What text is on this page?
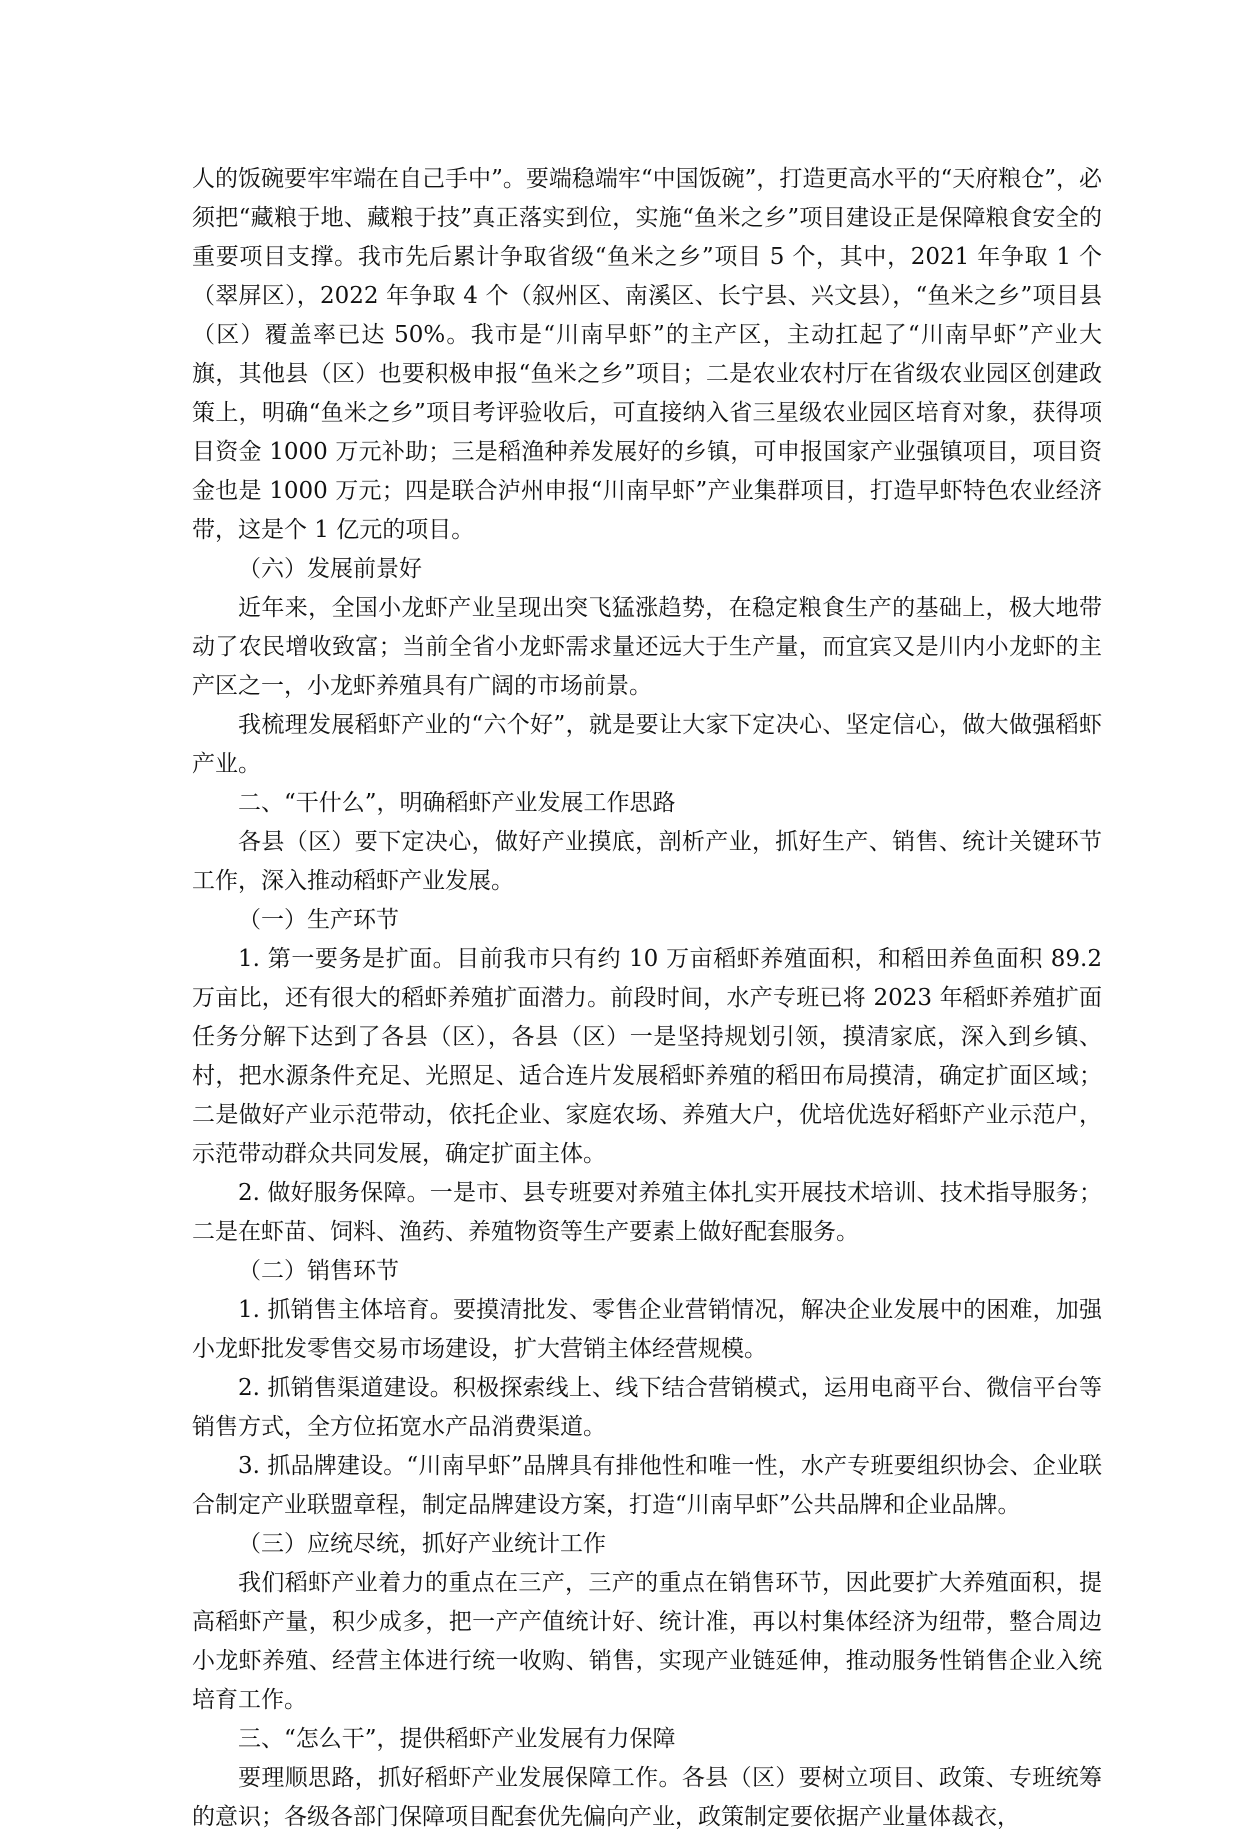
人的饭碗要牢牢端在自己手中”。要端稳端牢“中国饭碗”，打造更高水平的“天府粮仓”，必须把“藏粮于地、藏粮于技”真正落实到位，实施“鱼米之乡”项目建设正是保障粮食安全的重要项目支撑。我市先后累计争取省级“鱼米之乡”项目 5 个，其中，2021 年争取 1 个（翠屏区），2022 年争取 4 个（叙州区、南溪区、长宁县、兴文县），“鱼米之乡”项目县（区）覆盖率已达 50%。我市是“川南早虾”的主产区，主动扛起了“川南早虾”产业大旗，其他县（区）也要积极申报“鱼米之乡”项目；二是农业农村厅在省级农业园区创建政策上，明确“鱼米之乡”项目考评验收后，可直接纳入省三星级农业园区培育对象，获得项目资金 1000 万元补助；三是稻渔种养发展好的乡镇，可申报国家产业强镇项目，项目资金也是 1000 万元；四是联合泸州申报“川南早虾”产业集群项目，打造早虾特色农业经济带，这是个 1 亿元的项目。

（六）发展前景好

近年来，全国小龙虾产业呈现出突飞猛涨趋势，在稳定粮食生产的基础上，极大地带动了农民增收致富；当前全省小龙虾需求量还远大于生产量，而宜宾又是川内小龙虾的主产区之一，小龙虾养殖具有广阔的市场前景。

我梳理发展稻虾产业的“六个好”，就是要让大家下定决心、坚定信心，做大做强稻虾产业。

二、“干什么”，明确稻虾产业发展工作思路

各县（区）要下定决心，做好产业摸底，剖析产业，抓好生产、销售、统计关键环节工作，深入推动稻虾产业发展。

（一）生产环节

1. 第一要务是扩面。目前我市只有约 10 万亩稻虾养殖面积，和稻田养鱼面积 89.2 万亩比，还有很大的稻虾养殖扩面潜力。前段时间，水产专班已将 2023 年稻虾养殖扩面任务分解下达到了各县（区），各县（区）一是坚持规划引领，摸清家底，深入到乡镇、村，把水源条件充足、光照足、适合连片发展稻虾养殖的稻田布局摸清，确定扩面区域；二是做好产业示范带动，依托企业、家庭农场、养殖大户，优培优选好稻虾产业示范户，示范带动群众共同发展，确定扩面主体。

2. 做好服务保障。一是市、县专班要对养殖主体扎实开展技术培训、技术指导服务；二是在虾苗、饲料、渔药、养殖物资等生产要素上做好配套服务。

（二）销售环节

1. 抓销售主体培育。要摸清批发、零售企业营销情况，解决企业发展中的困难，加强小龙虾批发零售交易市场建设，扩大营销主体经营规模。

2. 抓销售渠道建设。积极探索线上、线下结合营销模式，运用电商平台、微信平台等销售方式，全方位拓宽水产品消费渠道。

3. 抓品牌建设。“川南早虾”品牌具有排他性和唯一性，水产专班要组织协会、企业联合制定产业联盟章程，制定品牌建设方案，打造“川南早虾”公共品牌和企业品牌。

（三）应统尽统，抓好产业统计工作

我们稻虾产业着力的重点在三产，三产的重点在销售环节，因此要扩大养殖面积，提高稻虾产量，积少成多，把一产产值统计好、统计准，再以村集体经济为纽带，整合周边小龙虾养殖、经营主体进行统一收购、销售，实现产业链延伸，推动服务性销售企业入统培育工作。

三、“怎么干”，提供稻虾产业发展有力保障

要理顺思路，抓好稻虾产业发展保障工作。各县（区）要树立项目、政策、专班统筹的意识；各级各部门保障项目配套优先偏向产业，政策制定要依据产业量体裁衣，
